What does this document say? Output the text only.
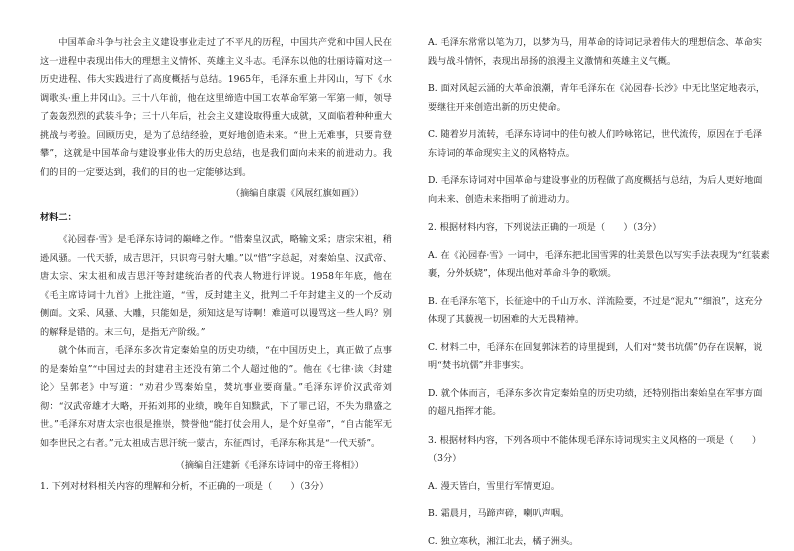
中国革命斗争与社会主义建设事业走过了不平凡的历程，中国共产党和中国人民在这一进程中表现出伟大的理想主义情怀、英雄主义斗志。毛泽东以他的壮丽诗篇对这一历史进程、伟大实践进行了高度概括与总结。1965年，毛泽东重上井冈山，写下《水调歌头·重上井冈山》。三十八年前，他在这里缔造中国工农革命军第一军第一师，领导了轰轰烈烈的武装斗争；三十八年后，社会主义建设取得重大成就，又面临着种种重大挑战与考验。回顾历史，是为了总结经验，更好地创造未来。“世上无难事，只要肯登攀”，这就是中国革命与建设事业伟大的历史总结，也是我们面向未来的前进动力。我们的目的一定要达到，我们的目的也一定能够达到。

（摘编自康震《风展红旗如画》）

材料二：

《沁园春·雪》是毛泽东诗词的巅峰之作。“惜秦皇汉武，略输文采；唐宗宋祖，稍逊风骚。一代天骄，成吉思汗，只识弯弓射大雕。”以“惜”字总起，对秦始皇、汉武帝、唐太宗、宋太祖和成吉思汗等封建统治者的代表人物进行评说。1958年年底，他在《毛主席诗词十九首》上批注道，“雪，反封建主义，批判二千年封建主义的一个反动侧面。文采、风骚、大雕，只能如是，须知这是写诗啊！难道可以谩骂这一些人吗？别的解释是错的。末三句，是指无产阶级。”

就个体而言，毛泽东多次肯定秦始皇的历史功绩，“在中国历史上，真正做了点事的是秦始皇”“中国过去的封建君主还没有第二个人超过他的”。他在《七律·读〈封建论〉呈郭老》中写道：“劝君少骂秦始皇，焚坑事业要商量。”毛泽东评价汉武帝刘彻：“汉武帝雄才大略，开拓刘邦的业绩，晚年自知黩武，下了罪己诏，不失为鼎盛之世。”毛泽东对唐太宗也很是推崇，赞誉他“能打仗会用人，是个好皇帝”，“自古能军无如李世民之右者。”元太祖成吉思汗统一蒙古，东征西讨，毛泽东称其是“一代天骄”。

（摘编自汪建新《毛泽东诗词中的帝王将相》）

1. 下列对材料相关内容的理解和分析，不正确的一项是（　　）（3分）

A. 毛泽东常常以笔为刀，以梦为马，用革命的诗词记录着伟大的理想信念、革命实践与战斗情怀，表现出昂扬的浪漫主义激情和英雄主义气概。

B. 面对风起云涌的大革命浪潮，青年毛泽东在《沁园春·长沙》中无比坚定地表示，要继往开来创造出新的历史使命。

C. 随着岁月流转，毛泽东诗词中的佳句被人们吟咏铭记，世代流传，原因在于毛泽东诗词的革命现实主义的风格特点。

D. 毛泽东诗词对中国革命与建设事业的历程做了高度概括与总结，为后人更好地面向未来、创造未来指明了前进动力。

2. 根据材料内容，下列说法正确的一项是（　　）（3分）

A. 在《沁园春·雪》一词中，毛泽东把北国雪霁的壮美景色以写实手法表现为“红装素裹，分外妖娆”，体现出他对革命斗争的歌颂。

B. 在毛泽东笔下，长征途中的千山万水、洋流险要，不过是“泥丸”“细浪”，这充分体现了其藐视一切困难的大无畏精神。

C. 材料二中，毛泽东在回复郭沫若的诗里提到，人们对“焚书坑儒”仍存在误解，说明“焚书坑儒”并非事实。

D. 就个体而言，毛泽东多次肯定秦始皇的历史功绩，还特别指出秦始皇在军事方面的超凡指挥才能。

3. 根据材料内容，下列各项中不能体现毛泽东诗词现实主义风格的一项是（　　）（3分）

A. 漫天皆白，雪里行军情更迫。

B. 霜晨月，马蹄声碎，喇叭声咽。

C. 独立寒秋，湘江北去，橘子洲头。
